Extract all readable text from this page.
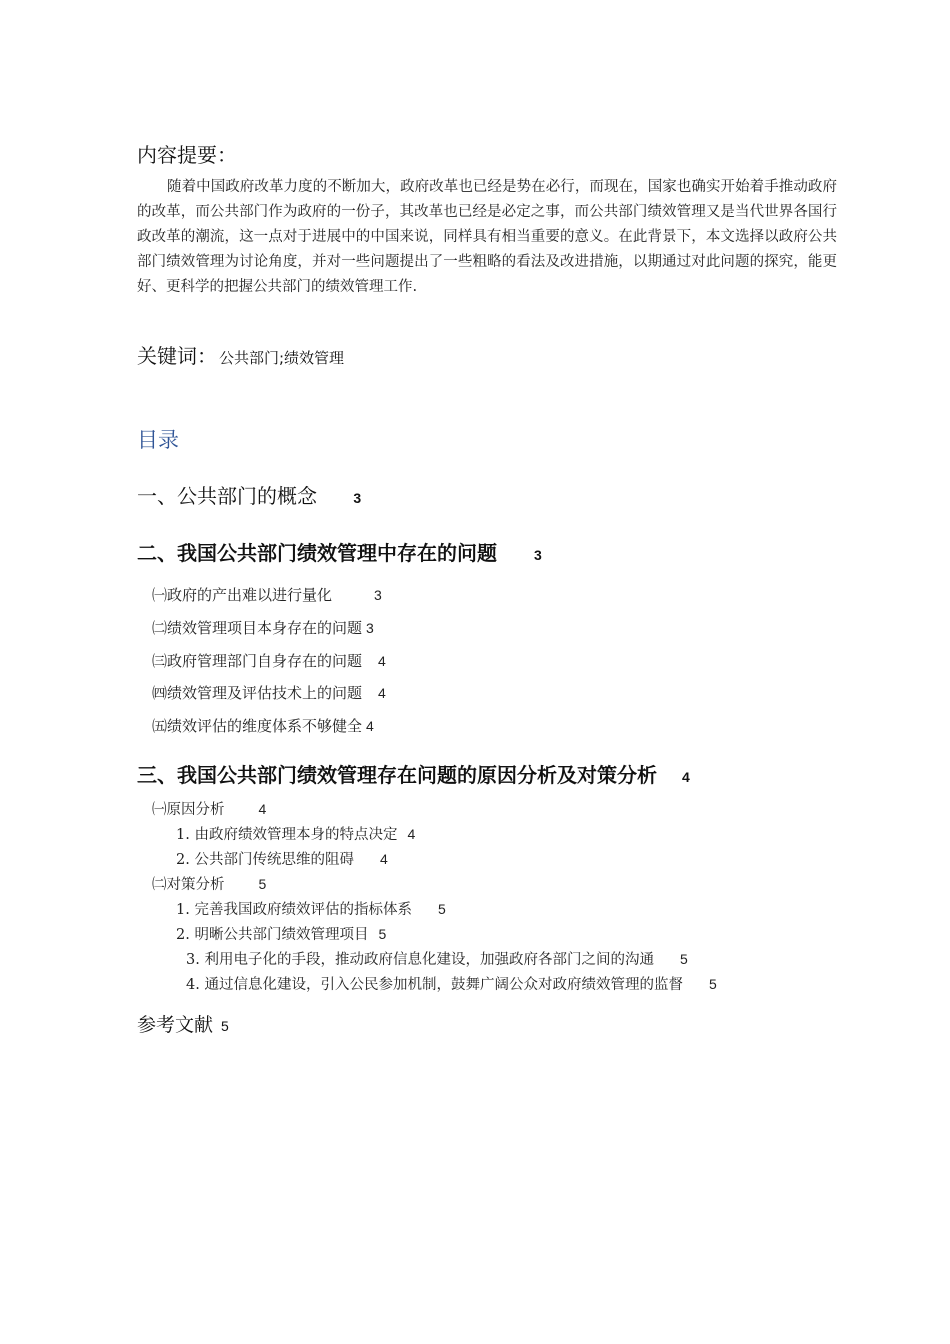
内容提要：

随着中国政府改革力度的不断加大，政府改革也已经是势在必行，而现在，国家也确实开始着手推动政府的改革，而公共部门作为政府的一份子，其改革也已经是必定之事，而公共部门绩效管理又是当代世界各国行政改革的潮流，这一点对于进展中的中国来说，同样具有相当重要的意义。在此背景下，本文选择以政府公共部门绩效管理为讨论角度，并对一些问题提出了一些粗略的看法及改进措施，以期通过对此问题的探究，能更好、更科学的把握公共部门的绩效管理工作.

关键词： 公共部门;绩效管理
目录
一、公共部门的概念	3
二、我国公共部门绩效管理中存在的问题	3
㈠政府的产出难以进行量化	3
㈡绩效管理项目本身存在的问题 3
㈢政府管理部门自身存在的问题 4
㈣绩效管理及评估技术上的问题 4
㈤绩效评估的维度体系不够健全 4
三、我国公共部门绩效管理存在问题的原因分析及对策分析 4
㈠原因分析 4
1. 由政府绩效管理本身的特点决定 4
2. 公共部门传统思维的阻碍 4
㈡对策分析 5
1. 完善我国政府绩效评估的指标体系 5
2. 明晰公共部门绩效管理项目 5
3. 利用电子化的手段，推动政府信息化建设，加强政府各部门之间的沟通 5
4. 通过信息化建设，引入公民参加机制，鼓舞广阔公众对政府绩效管理的监督 5
参考文献 5
